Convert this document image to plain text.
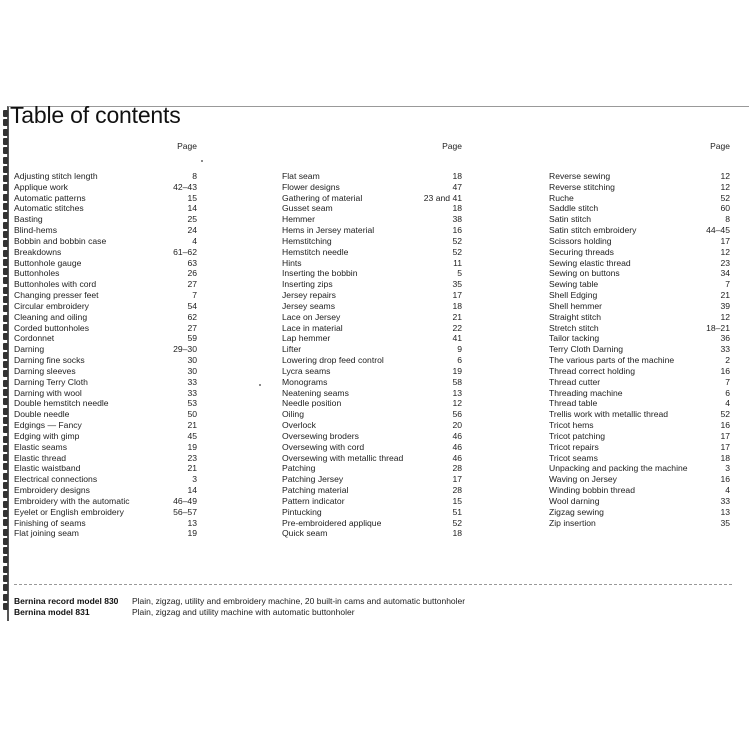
Table of contents
Page
Adjusting stitch length	8
Applique work	42–43
Automatic patterns	15
Automatic stitches	14
Basting	25
Blind-hems	24
Bobbin and bobbin case	4
Breakdowns	61–62
Buttonhole gauge	63
Buttonholes	26
Buttonholes with cord	27
Changing presser feet	7
Circular embroidery	54
Cleaning and oiling	62
Corded buttonholes	27
Cordonnet	59
Darning	29–30
Darning fine socks	30
Darning sleeves	30
Darning Terry Cloth	33
Darning with wool	33
Double hemstitch needle	53
Double needle	50
Edgings — Fancy	21
Edging with gimp	45
Elastic seams	19
Elastic thread	23
Elastic waistband	21
Electrical connections	3
Embroidery designs	14
Embroidery with the automatic	46–49
Eyelet or English embroidery	56–57
Finishing of seams	13
Flat joining seam	19
Page
Flat seam	18
Flower designs	47
Gathering of material	23 and 41
Gusset seam	18
Hemmer	38
Hems in Jersey material	16
Hemstitching	52
Hemstitch needle	52
Hints	11
Inserting the bobbin	5
Inserting zips	35
Jersey repairs	17
Jersey seams	18
Lace on Jersey	21
Lace in material	22
Lap hemmer	41
Lifter	9
Lowering drop feed control	6
Lycra seams	19
Monograms	58
Neatening seams	13
Needle position	12
Oiling	56
Overlock	20
Oversewing broders	46
Oversewing with cord	46
Oversewing with metallic thread	46
Patching	28
Patching Jersey	17
Patching material	28
Pattern indicator	15
Pintucking	51
Pre-embroidered applique	52
Quick seam	18
Page
Reverse sewing	12
Reverse stitching	12
Ruche	52
Saddle stitch	60
Satin stitch	8
Satin stitch embroidery	44–45
Scissors holding	17
Securing threads	12
Sewing elastic thread	23
Sewing on buttons	34
Sewing table	7
Shell Edging	21
Shell hemmer	39
Straight stitch	12
Stretch stitch	18–21
Tailor tacking	36
Terry Cloth Darning	33
The various parts of the machine	2
Thread correct holding	16
Thread cutter	7
Threading machine	6
Thread table	4
Trellis work with metallic thread	52
Tricot hems	16
Tricot patching	17
Tricot repairs	17
Tricot seams	18
Unpacking and packing the machine	3
Waving on Jersey	16
Winding bobbin thread	4
Wool darning	33
Zigzag sewing	13
Zip insertion	35
Bernina record model 830	Plain, zigzag, utility and embroidery machine, 20 built-in cams and automatic buttonholer
Bernina model 831	Plain, zigzag and utility machine with automatic buttonholer
